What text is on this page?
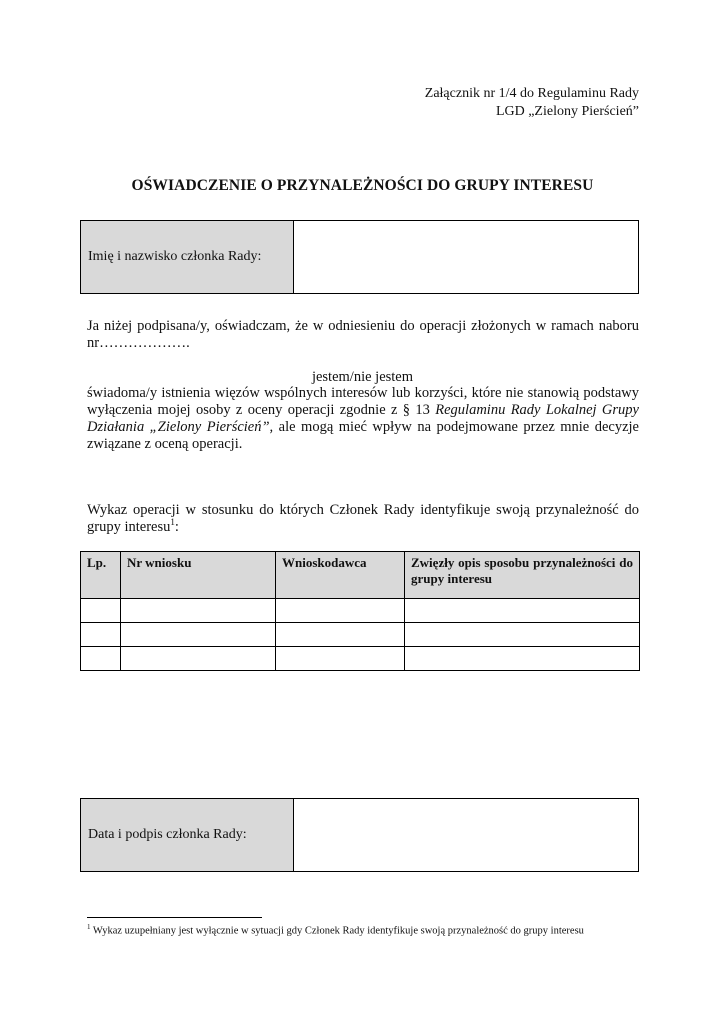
Załącznik nr 1/4 do Regulaminu Rady
LGD „Zielony Pierścień”
OŚWIADCZENIE O PRZYNALEŻNOŚCI DO GRUPY INTERESU
Imię i nazwisko członka Rady:
Ja niżej podpisana/y, oświadczam, że w odniesieniu do operacji złożonych w ramach naboru nr……………….
jestem/nie jestem
świadoma/y istnienia więzów wspólnych interesów lub korzyści, które nie stanowią podstawy wyłączenia mojej osoby z oceny operacji zgodnie z § 13 Regulaminu Rady Lokalnej Grupy Działania „Zielony Pierścień”, ale mogą mieć wpływ na podejmowane przez mnie decyzje związane z oceną operacji.
Wykaz operacji w stosunku do których Członek Rady identyfikuje swoją przynależność do grupy interesu$^1$:
Lp.	Nr wniosku	Wnioskodawca	Zwięzły opis sposobu przynależności do grupy interesu

Data i podpis członka Rady:
$^1$ Wykaz uzupełniany jest wyłącznie w sytuacji gdy Członek Rady identyfikuje swoją przynależność do grupy interesu
